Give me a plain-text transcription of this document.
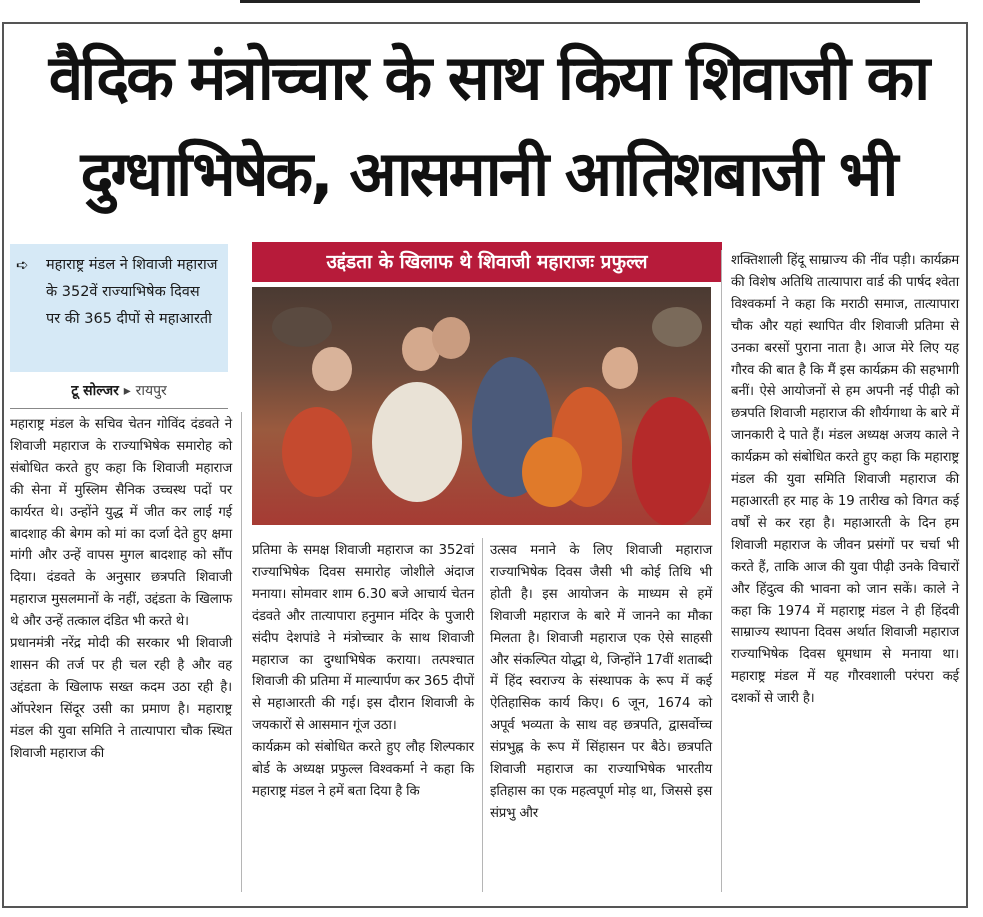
वैदिक मंत्रोच्चार के साथ किया शिवाजी का
दुग्धाभिषेक, आसमानी आतिशबाजी भी
➪	महाराष्ट्र मंडल ने शिवाजी महाराज के 352वें राज्याभिषेक दिवस पर की 365 दीपों से महाआरती
टू सोल्जर ▸ रायपुर
महाराष्ट्र मंडल के सचिव चेतन गोविंद दंडवते ने शिवाजी महाराज के राज्याभिषेक समारोह को संबोधित करते हुए कहा कि शिवाजी महाराज की सेना में मुस्लिम सैनिक उच्चस्थ पदों पर कार्यरत थे। उन्होंने युद्ध में जीत कर लाई गई बादशाह की बेगम को मां का दर्जा देते हुए क्षमा मांगी और उन्हें वापस मुगल बादशाह को सौंप दिया। दंडवते के अनुसार छत्रपति शिवाजी महाराज मुसलमानों के नहीं, उद्दंडता के खिलाफ थे और उन्हें तत्काल दंडित भी करते थे।
प्रधानमंत्री नरेंद्र मोदी की सरकार भी शिवाजी शासन की तर्ज पर ही चल रही है और वह उद्दंडता के खिलाफ सख्त कदम उठा रही है। ऑपरेशन सिंदूर उसी का प्रमाण है। महाराष्ट्र मंडल की युवा समिति ने तात्यापारा चौक स्थित शिवाजी महाराज की
उद्दंडता के खिलाफ थे शिवाजी महाराजः प्रफुल्ल
प्रतिमा के समक्ष शिवाजी महाराज का 352वां राज्याभिषेक दिवस समारोह जोशीले अंदाज मनाया। सोमवार शाम 6.30 बजे आचार्य चेतन दंडवते और तात्यापारा हनुमान मंदिर के पुजारी संदीप देशपांडे ने मंत्रोच्चार के साथ शिवाजी महाराज का दुग्धाभिषेक कराया। तत्पश्चात शिवाजी की प्रतिमा में माल्यार्पण कर 365 दीपों से महाआरती की गई। इस दौरान शिवाजी के जयकारों से आसमान गूंज उठा।
कार्यक्रम को संबोधित करते हुए लौह शिल्पकार बोर्ड के अध्यक्ष प्रफुल्ल विश्वकर्मा ने कहा कि महाराष्ट्र मंडल ने हमें बता दिया है कि
उत्सव मनाने के लिए शिवाजी महाराज राज्याभिषेक दिवस जैसी भी कोई तिथि भी होती है। इस आयोजन के माध्यम से हमें शिवाजी महाराज के बारे में जानने का मौका मिलता है। शिवाजी महाराज एक ऐसे साहसी और संकल्पित योद्धा थे, जिन्होंने 17वीं शताब्दी में हिंद स्वराज्य के संस्थापक के रूप में कई ऐतिहासिक कार्य किए। 6 जून, 1674 को अपूर्व भव्यता के साथ वह छत्रपति, द्वासर्वोच्च संप्रभुह्न के रूप में सिंहासन पर बैठे। छत्रपति शिवाजी महाराज का राज्याभिषेक भारतीय इतिहास का एक महत्वपूर्ण मोड़ था, जिससे इस संप्रभु और
शक्तिशाली हिंदू साम्राज्य की नींव पड़ी। कार्यक्रम की विशेष अतिथि तात्यापारा वार्ड की पार्षद श्वेता विश्वकर्मा ने कहा कि मराठी समाज, तात्यापारा चौक और यहां स्थापित वीर शिवाजी प्रतिमा से उनका बरसों पुराना नाता है। आज मेरे लिए यह गौरव की बात है कि मैं इस कार्यक्रम की सहभागी बनीं। ऐसे आयोजनों से हम अपनी नई पीढ़ी को छत्रपति शिवाजी महाराज की शौर्यगाथा के बारे में जानकारी दे पाते हैं। मंडल अध्यक्ष अजय काले ने कार्यक्रम को संबोधित करते हुए कहा कि महाराष्ट्र मंडल की युवा समिति शिवाजी महाराज की महाआरती हर माह के 19 तारीख को विगत कई वर्षों से कर रहा है। महाआरती के दिन हम शिवाजी महाराज के जीवन प्रसंगों पर चर्चा भी करते हैं, ताकि आज की युवा पीढ़ी उनके विचारों और हिंदुत्व की भावना को जान सकें। काले ने कहा कि 1974 में महाराष्ट्र मंडल ने ही हिंदवी साम्राज्य स्थापना दिवस अर्थात शिवाजी महाराज राज्याभिषेक दिवस धूमधाम से मनाया था। महाराष्ट्र मंडल में यह गौरवशाली परंपरा कई दशकों से जारी है।
